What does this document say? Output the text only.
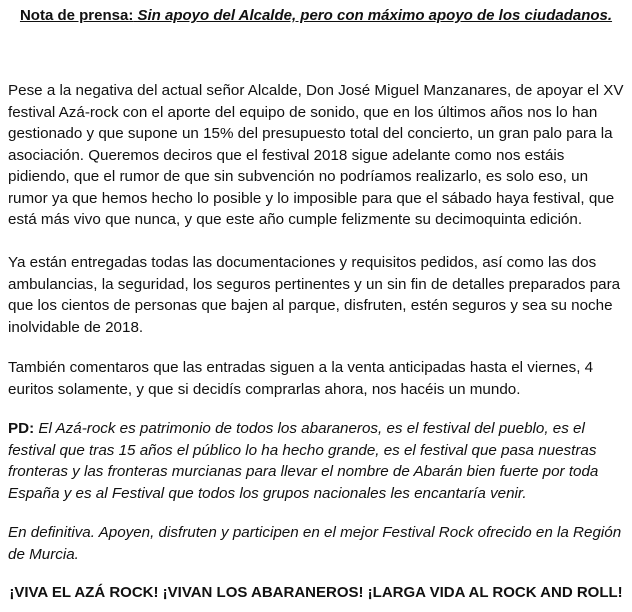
Nota de prensa: Sin apoyo del Alcalde, pero con máximo apoyo de los ciudadanos.

Pese a la negativa del actual señor Alcalde, Don José Miguel Manzanares, de apoyar el XV festival Azá-rock con el aporte del equipo de sonido, que en los últimos años nos lo han gestionado y que supone un 15% del presupuesto total del concierto, un gran palo para la asociación. Queremos deciros que el festival 2018 sigue adelante como nos estáis pidiendo, que el rumor de que sin subvención no podríamos realizarlo, es solo eso, un rumor ya que hemos hecho lo posible y lo imposible para que el sábado haya festival, que está más vivo que nunca, y que este año cumple felizmente su decimoquinta edición.

Ya están entregadas todas las documentaciones y requisitos pedidos, así como las dos ambulancias, la seguridad, los seguros pertinentes y un sin fin de detalles preparados para que los cientos de personas que bajen al parque, disfruten, estén seguros y sea su noche inolvidable de 2018.

También comentaros que las entradas siguen a la venta anticipadas hasta el viernes, 4 euritos solamente, y que si decidís comprarlas ahora, nos hacéis un mundo.

PD: El Azá-rock es patrimonio de todos los abaraneros, es el festival del pueblo, es el festival que tras 15 años el público lo ha hecho grande, es el festival que pasa nuestras fronteras y las fronteras murcianas para llevar el nombre de Abarán bien fuerte por toda España y es al Festival que todos los grupos nacionales les encantaría venir.

En definitiva. Apoyen, disfruten y participen en el mejor Festival Rock ofrecido en la Región de Murcia.

¡VIVA EL AZÁ ROCK! ¡VIVAN LOS ABARANEROS! ¡LARGA VIDA AL ROCK AND ROLL!
